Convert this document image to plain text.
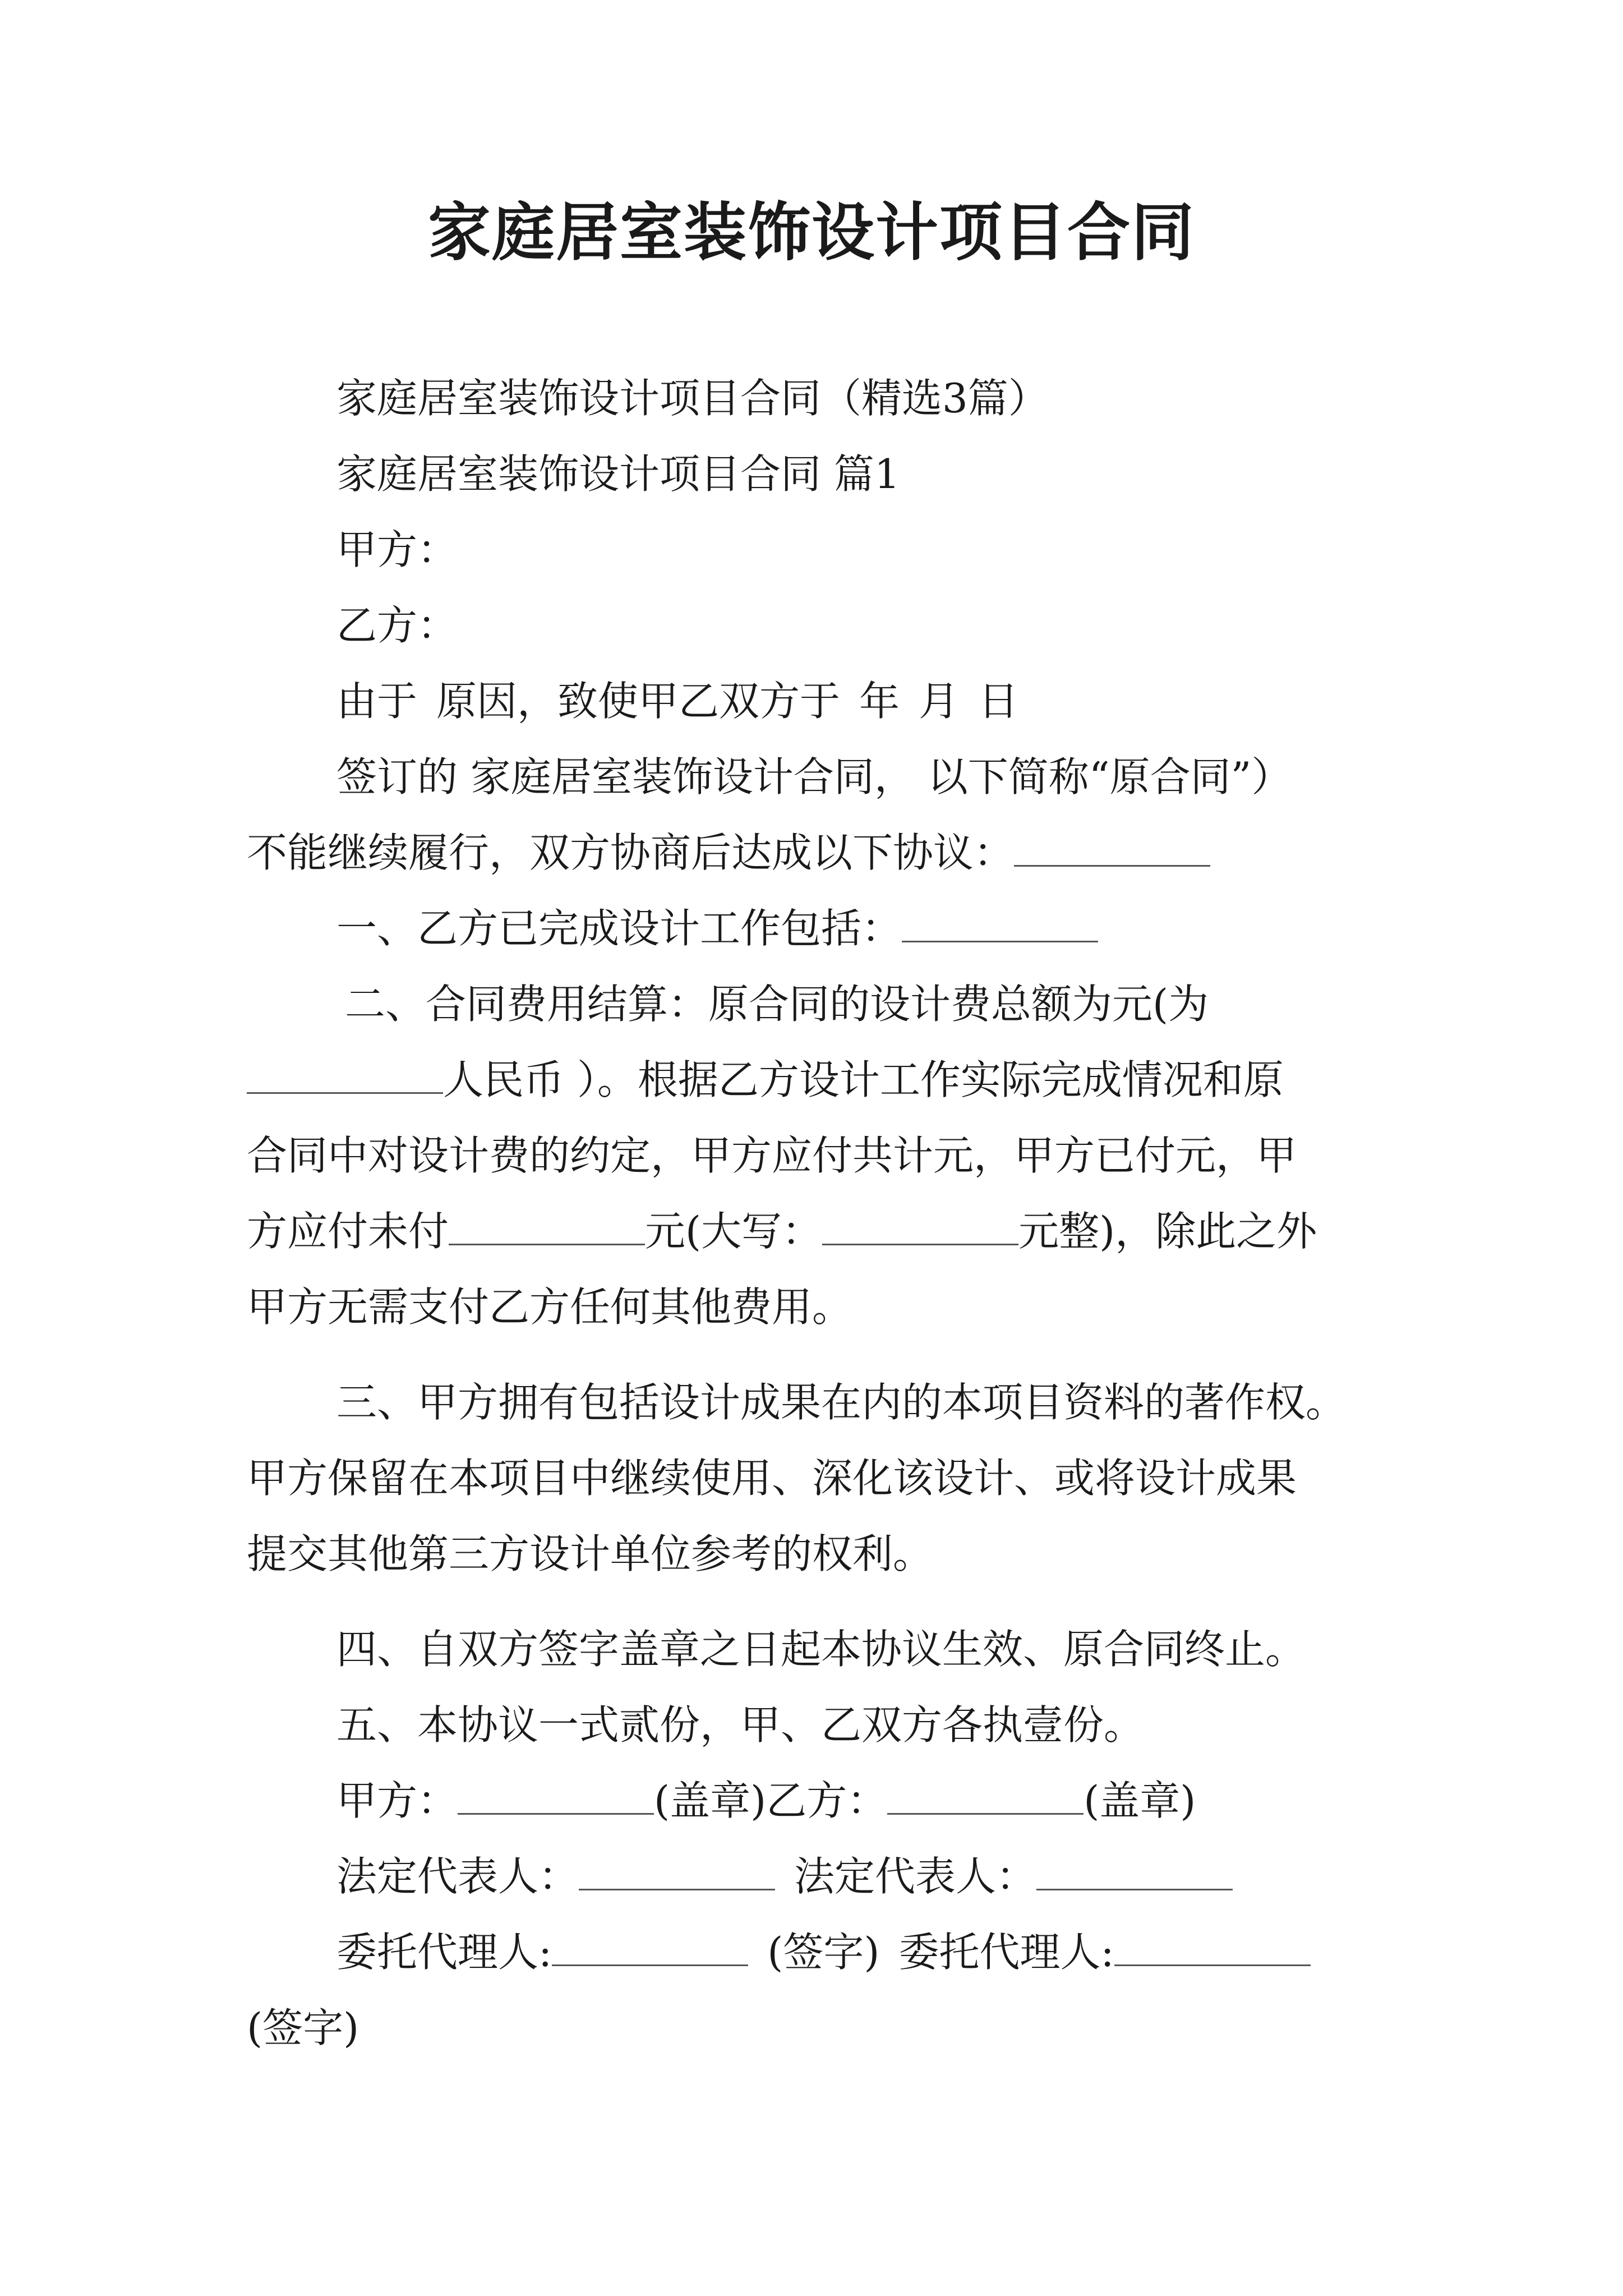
家庭居室装饰设计项目合同
家庭居室装饰设计项目合同（精选3篇）
家庭居室装饰设计项目合同 篇1
甲方：
乙方：
由于 原因，致使甲乙双方于 年 月 日
签订的 家庭居室装饰设计合同， 以下简称“原合同”）
不能继续履行，双方协商后达成以下协议：
一、乙方已完成设计工作包括：
二、合同费用结算：原合同的设计费总额为元(为
人民币 ）。根据乙方设计工作实际完成情况和原
合同中对设计费的约定，甲方应付共计元，甲方已付元，甲
方应付未付	元(大写：	元整)，除此之外
甲方无需支付乙方任何其他费用。
三、甲方拥有包括设计成果在内的本项目资料的著作权。
甲方保留在本项目中继续使用、深化该设计、或将设计成果
提交其他第三方设计单位参考的权利。
四、自双方签字盖章之日起本协议生效、原合同终止。
五、本协议一式贰份，甲、乙双方各执壹份。
甲方：	(盖章)乙方：	(盖章)
法定代表人：	法定代表人：
委托代理人:	(签字) 委托代理人:
(签字)
